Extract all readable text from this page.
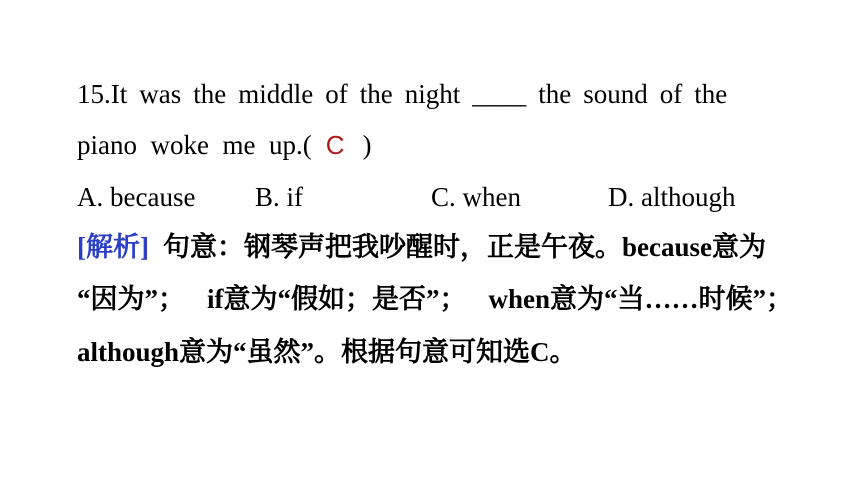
15.It was the middle of the night ____ the sound of the
piano  woke  me  up.( C )
A. because B. if	C. when	D. although
[解析] 句意：钢琴声把我吵醒时，正是午夜。because意为
“因为”； if意为“假如；是否”； when意为“当……时候”；
although意为“虽然”。根据句意可知选C。
